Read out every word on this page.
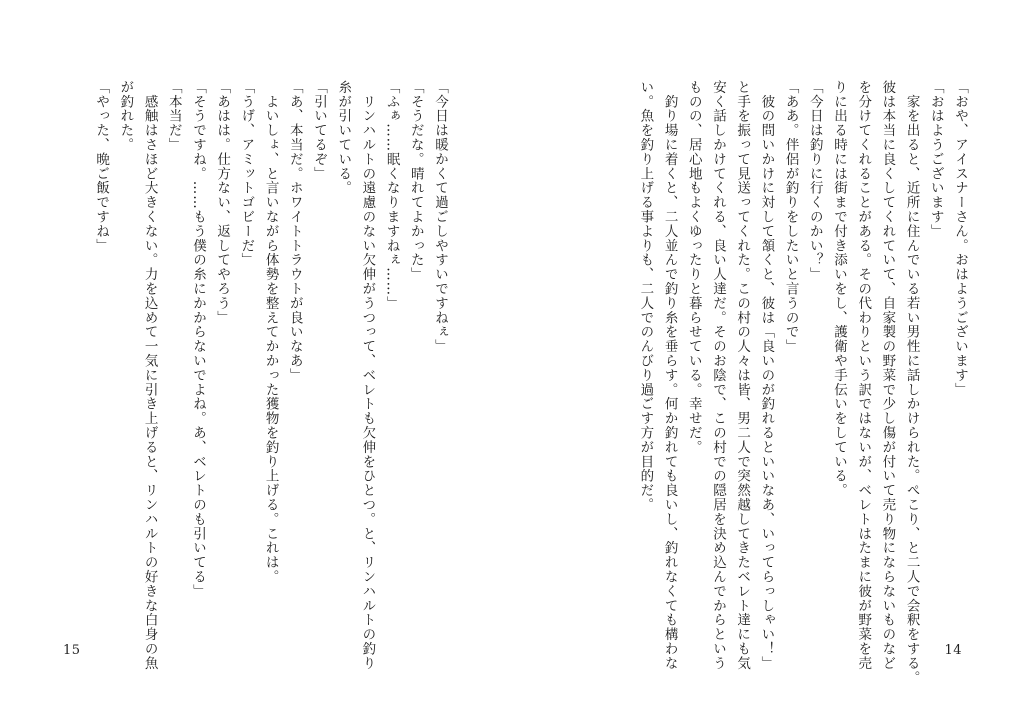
「おや、アイスナーさん。おはようございます」
「おはようございます」
　家を出ると、近所に住んでいる若い男性に話しかけられた。ぺこり、と二人で会釈をする。
彼は本当に良くしてくれていて、自家製の野菜で少し傷が付いて売り物にならないものなど
を分けてくれることがある。その代わりという訳ではないが、ベレトはたまに彼が野菜を売
りに出る時には街まで付き添いをし、護衛や手伝いをしている。
「今日は釣りに行くのかい？」
「ああ。伴侶が釣りをしたいと言うので」
　彼の問いかけに対して頷くと、彼は「良いのが釣れるといいなあ、いってらっしゃい！」
と手を振って見送ってくれた。この村の人々は皆、男二人で突然越してきたベレト達にも気
安く話しかけてくれる、良い人達だ。そのお陰で、この村での隠居を決め込んでからという
ものの、居心地もよくゆったりと暮らせている。幸せだ。
　釣り場に着くと、二人並んで釣り糸を垂らす。何か釣れても良いし、釣れなくても構わな
い。魚を釣り上げる事よりも、二人でのんびり過ごす方が目的だ。
14
「今日は暖かくて過ごしやすいですねぇ」
「そうだな。晴れてよかった」
「ふぁ……眠くなりますねぇ……」
　リンハルトの遠慮のない欠伸がうつって、ベレトも欠伸をひとつ。と、リンハルトの釣り
糸が引いている。
「引いてるぞ」
「あ、本当だ。ホワイトトラウトが良いなあ」
　よいしょ、と言いながら体勢を整えてかかった獲物を釣り上げる。これは。
「うげ、アミットゴビーだ」
「あはは。仕方ない、返してやろう」
「そうですね。……もう僕の糸にかからないでよね。あ、ベレトのも引いてる」
「本当だ」
　感触はさほど大きくない。力を込めて一気に引き上げると、リンハルトの好きな白身の魚
が釣れた。
「やった、晩ご飯ですね」
15
